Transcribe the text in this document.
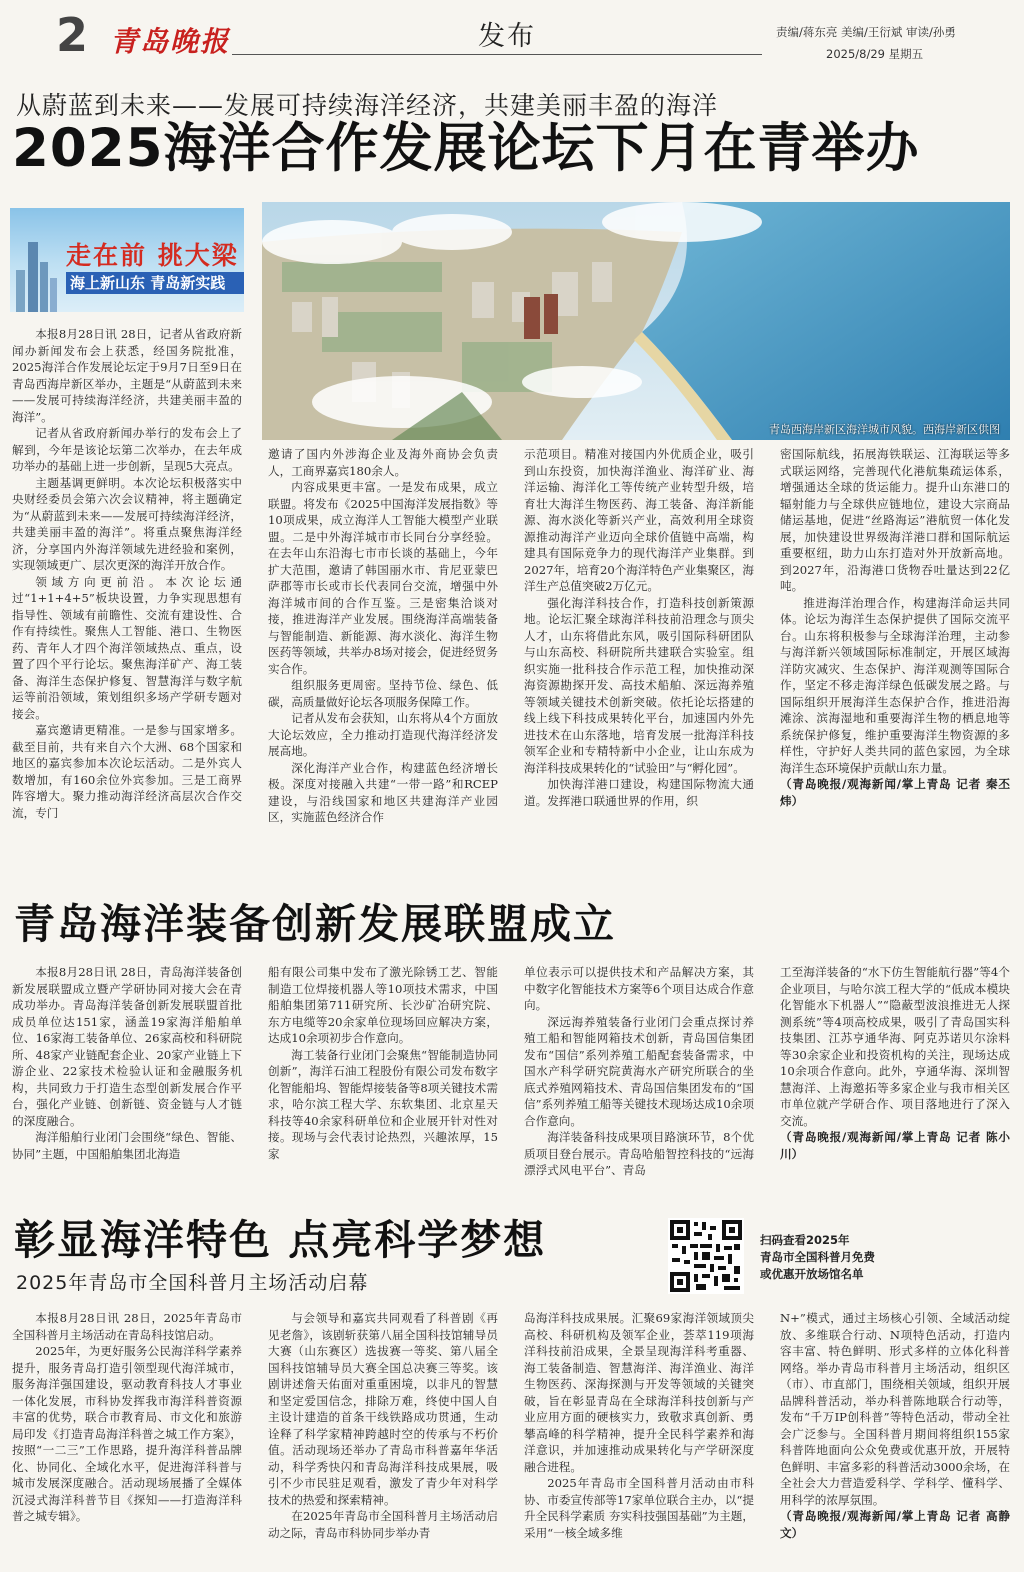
2 青岛晚报	发布	责编/蒋东亮 美编/王衍斌 审读/孙勇
2025/8/29 星期五
从蔚蓝到未来——发展可持续海洋经济，共建美丽丰盈的海洋
2025海洋合作发展论坛下月在青举办
走在前 挑大梁
海上新山东 青岛新实践
青岛西海岸新区海洋城市风貌。西海岸新区供图

本报8月28日讯 28日，记者从省政府新闻办新闻发布会上获悉，经国务院批准，2025海洋合作发展论坛定于9月7日至9日在青岛西海岸新区举办，主题是“从蔚蓝到未来——发展可持续海洋经济，共建美丽丰盈的海洋”。

记者从省政府新闻办举行的发布会上了解到，今年是该论坛第二次举办，在去年成功举办的基础上进一步创新，呈现5大亮点。

主题基调更鲜明。本次论坛积极落实中央财经委员会第六次会议精神，将主题确定为“从蔚蓝到未来——发展可持续海洋经济，共建美丽丰盈的海洋”。将重点聚焦海洋经济，分享国内外海洋领域先进经验和案例，实现领域更广、层次更深的海洋开放合作。

领域方向更前沿。本次论坛通过“1+1+4+5”板块设置，力争实现思想有指导性、领域有前瞻性、交流有建设性、合作有持续性。聚焦人工智能、港口、生物医药、青年人才四个海洋领域热点、重点，设置了四个平行论坛。聚焦海洋矿产、海工装备、海洋生态保护修复、智慧海洋与数字航运等前沿领域，策划组织多场产学研专题对接会。

嘉宾邀请更精准。一是参与国家增多。截至目前，共有来自六个大洲、68个国家和地区的嘉宾参加本次论坛活动。二是外宾人数增加，有160余位外宾参加。三是工商界阵容增大。聚力推动海洋经济高层次合作交流，专门

邀请了国内外涉海企业及海外商协会负责人，工商界嘉宾180余人。

内容成果更丰富。一是发布成果，成立联盟。将发布《2025中国海洋发展指数》等10项成果，成立海洋人工智能大模型产业联盟。二是中外海洋城市市长同台分享经验。在去年山东沿海七市市长谈的基础上，今年扩大范围，邀请了韩国丽水市、肯尼亚蒙巴萨郡等市长或市长代表同台交流，增强中外海洋城市间的合作互鉴。三是密集洽谈对接，推进海洋产业发展。围绕海洋高端装备与智能制造、新能源、海水淡化、海洋生物医药等领域，共举办8场对接会，促进经贸务实合作。

组织服务更周密。坚持节俭、绿色、低碳，高质量做好论坛各项服务保障工作。

记者从发布会获知，山东将从4个方面放大论坛效应，全力推动打造现代海洋经济发展高地。

深化海洋产业合作，构建蓝色经济增长极。深度对接融入共建“一带一路”和RCEP建设，与沿线国家和地区共建海洋产业园区，实施蓝色经济合作

示范项目。精准对接国内外优质企业，吸引到山东投资，加快海洋渔业、海洋矿业、海洋运输、海洋化工等传统产业转型升级，培育壮大海洋生物医药、海工装备、海洋新能源、海水淡化等新兴产业，高效利用全球资源推动海洋产业迈向全球价值链中高端，构建具有国际竞争力的现代海洋产业集群。到2027年，培育20个海洋特色产业集聚区，海洋生产总值突破2万亿元。

强化海洋科技合作，打造科技创新策源地。论坛汇聚全球海洋科技前沿理念与顶尖人才，山东将借此东风，吸引国际科研团队与山东高校、科研院所共建联合实验室。组织实施一批科技合作示范工程，加快推动深海资源勘探开发、高技术船舶、深远海养殖等领域关键技术创新突破。依托论坛搭建的线上线下科技成果转化平台，加速国内外先进技术在山东落地，培育发展一批海洋科技领军企业和专精特新中小企业，让山东成为海洋科技成果转化的“试验田”与“孵化园”。

加快海洋港口建设，构建国际物流大通道。发挥港口联通世界的作用，织

密国际航线，拓展海铁联运、江海联运等多式联运网络，完善现代化港航集疏运体系，增强通达全球的货运能力。提升山东港口的辐射能力与全球供应链地位，建设大宗商品储运基地，促进“丝路海运”港航贸一体化发展，加快建设世界级海洋港口群和国际航运重要枢纽，助力山东打造对外开放新高地。到2027年，沿海港口货物吞吐量达到22亿吨。

推进海洋治理合作，构建海洋命运共同体。论坛为海洋生态保护提供了国际交流平台。山东将积极参与全球海洋治理，主动参与海洋新兴领域国际标准制定，开展区域海洋防灾减灾、生态保护、海洋观测等国际合作，坚定不移走海洋绿色低碳发展之路。与国际组织开展海洋生态保护合作，推进沿海滩涂、滨海湿地和重要海洋生物的栖息地等系统保护修复，维护重要海洋生物资源的多样性，守护好人类共同的蓝色家园，为全球海洋生态环境保护贡献山东力量。

（青岛晚报/观海新闻/掌上青岛 记者 秦丕炜）

青岛海洋装备创新发展联盟成立

本报8月28日讯 28日，青岛海洋装备创新发展联盟成立暨产学研协同对接大会在青成功举办。青岛海洋装备创新发展联盟首批成员单位达151家，涵盖19家海洋船舶单位、16家海工装备单位、26家高校和科研院所、48家产业链配套企业、20家产业链上下游企业、22家技术检验认证和金融服务机构，共同致力于打造生态型创新发展合作平台，强化产业链、创新链、资金链与人才链的深度融合。

海洋船舶行业闭门会围绕“绿色、智能、协同”主题，中国船舶集团北海造

船有限公司集中发布了激光除锈工艺、智能制造工位焊接机器人等10项技术需求，中国船舶集团第711研究所、长沙矿冶研究院、东方电缆等20余家单位现场回应解决方案，达成10余项初步合作意向。

海工装备行业闭门会聚焦“智能制造协同创新”，海洋石油工程股份有限公司发布数字化智能船坞、智能焊接装备等8项关键技术需求，哈尔滨工程大学、东软集团、北京星天科技等40余家科研单位和企业展开针对性对接。现场与会代表讨论热烈，兴趣浓厚，15家

单位表示可以提供技术和产品解决方案，其中数字化智能技术方案等6个项目达成合作意向。

深远海养殖装备行业闭门会重点探讨养殖工船和智能网箱技术创新，青岛国信集团发布“国信”系列养殖工船配套装备需求，中国水产科学研究院黄海水产研究所联合的坐底式养殖网箱技术、青岛国信集团发布的“国信”系列养殖工船等关键技术现场达成10余项合作意向。

海洋装备科技成果项目路演环节，8个优质项目登台展示。青岛哈船智控科技的“远海漂浮式风电平台”、青岛

工至海洋装备的“水下仿生智能航行器”等4个企业项目，与哈尔滨工程大学的“低成本模块化智能水下机器人”“隐蔽型波浪推进无人探测系统”等4项高校成果，吸引了青岛国实科技集团、江苏亨通华海、阿克苏诺贝尔涂料等30余家企业和投资机构的关注，现场达成10余项合作意向。此外，亨通华海、深圳智慧海洋、上海邀拓等多家企业与我市相关区市单位就产学研合作、项目落地进行了深入交流。

（青岛晚报/观海新闻/掌上青岛 记者 陈小川）

彰显海洋特色 点亮科学梦想
2025年青岛市全国科普月主场活动启幕
扫码查看2025年
青岛市全国科普月免费
或优惠开放场馆名单

本报8月28日讯 28日，2025年青岛市全国科普月主场活动在青岛科技馆启动。

2025年，为更好服务公民海洋科学素养提升，服务青岛打造引领型现代海洋城市，服务海洋强国建设，驱动教育科技人才事业一体化发展，市科协发挥我市海洋科普资源丰富的优势，联合市教育局、市文化和旅游局印发《打造青岛海洋科普之城工作方案》，按照“一二三”工作思路，提升海洋科普品牌化、协同化、全域化水平，促进海洋科普与城市发展深度融合。活动现场展播了全媒体沉浸式海洋科普节目《探知——打造海洋科普之城专辑》。

与会领导和嘉宾共同观看了科普剧《再见老詹》，该剧斩获第八届全国科技馆辅导员大赛（山东赛区）选拔赛一等奖、第八届全国科技馆辅导员大赛全国总决赛三等奖。该剧讲述詹天佑面对重重困境，以非凡的智慧和坚定爱国信念，排除万难，终使中国人自主设计建造的首条干线铁路成功贯通，生动诠释了科学家精神跨越时空的传承与不朽价值。活动现场还举办了青岛市科普嘉年华活动，科学秀快闪和青岛海洋科技成果展，吸引不少市民驻足观看，激发了青少年对科学技术的热爱和探索精神。

在2025年青岛市全国科普月主场活动启动之际，青岛市科协同步举办青

岛海洋科技成果展。汇聚69家海洋领域顶尖高校、科研机构及领军企业，荟萃119项海洋科技前沿成果，全景呈现海洋科考重器、海工装备制造、智慧海洋、海洋渔业、海洋生物医药、深海探测与开发等领域的关键突破，旨在彰显青岛在全球海洋科技创新与产业应用方面的硬核实力，致敬求真创新、勇攀高峰的科学精神，提升全民科学素养和海洋意识，并加速推动成果转化与产学研深度融合进程。

2025年青岛市全国科普月活动由市科协、市委宣传部等17家单位联合主办，以“提升全民科学素质 夯实科技强国基础”为主题，采用“一核全域多维

N+”模式，通过主场核心引领、全域活动绽放、多维联合行动、N项特色活动，打造内容丰富、特色鲜明、形式多样的立体化科普网络。举办青岛市科普月主场活动，组织区（市）、市直部门，围绕相关领域，组织开展品牌科普活动，举办科普陈地联合行动等，发布“千万IP创科普”等特色活动，带动全社会广泛参与。全国科普月期间将组织155家科普阵地面向公众免费或优惠开放，开展特色鲜明、丰富多彩的科普活动3000余场，在全社会大力营造爱科学、学科学、懂科学、用科学的浓厚氛围。

（青岛晚报/观海新闻/掌上青岛 记者 高静文）
